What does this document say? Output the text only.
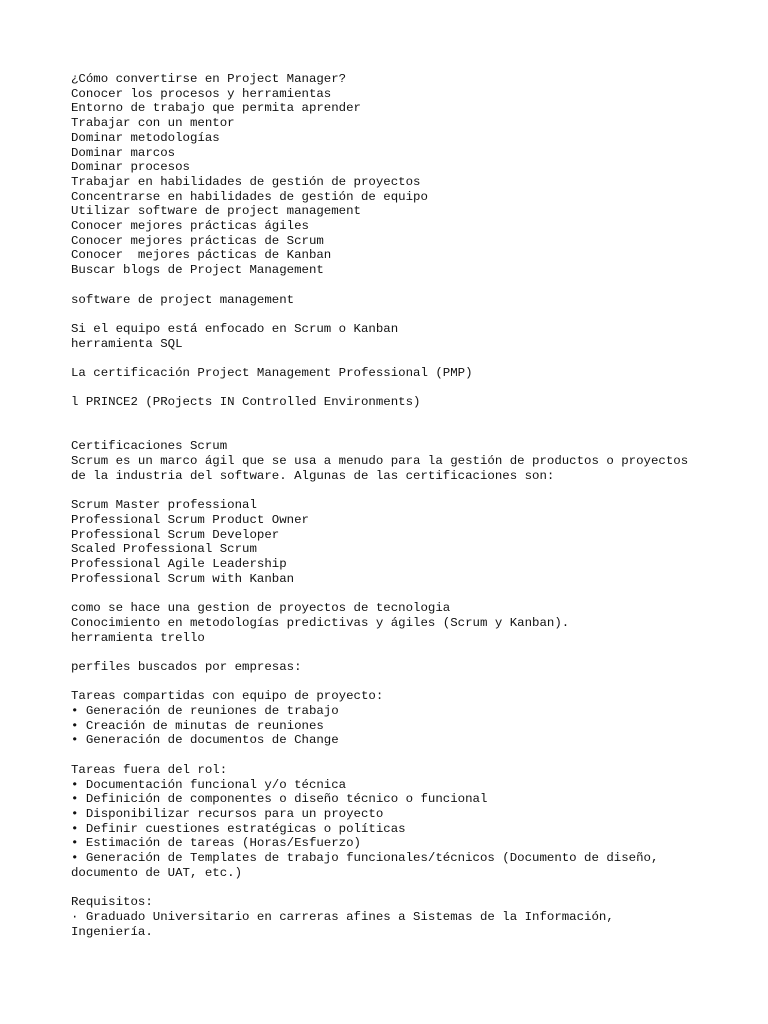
¿Cómo convertirse en Project Manager?
Conocer los procesos y herramientas
Entorno de trabajo que permita aprender
Trabajar con un mentor
Dominar metodologías
Dominar marcos
Dominar procesos
Trabajar en habilidades de gestión de proyectos
Concentrarse en habilidades de gestión de equipo
Utilizar software de project management
Conocer mejores prácticas ágiles
Conocer mejores prácticas de Scrum
Conocer  mejores pácticas de Kanban
Buscar blogs de Project Management
software de project management
Si el equipo está enfocado en Scrum o Kanban
herramienta SQL
La certificación Project Management Professional (PMP)
l PRINCE2 (PRojects IN Controlled Environments)
Certificaciones Scrum
Scrum es un marco ágil que se usa a menudo para la gestión de productos o proyectos
de la industria del software. Algunas de las certificaciones son:
Scrum Master professional
Professional Scrum Product Owner
Professional Scrum Developer
Scaled Professional Scrum
Professional Agile Leadership
Professional Scrum with Kanban
como se hace una gestion de proyectos de tecnologia
Conocimiento en metodologías predictivas y ágiles (Scrum y Kanban).
herramienta trello
perfiles buscados por empresas:
Tareas compartidas con equipo de proyecto:
• Generación de reuniones de trabajo
• Creación de minutas de reuniones
• Generación de documentos de Change
Tareas fuera del rol:
• Documentación funcional y/o técnica
• Definición de componentes o diseño técnico o funcional
• Disponibilizar recursos para un proyecto
• Definir cuestiones estratégicas o políticas
• Estimación de tareas (Horas/Esfuerzo)
• Generación de Templates de trabajo funcionales/técnicos (Documento de diseño,
documento de UAT, etc.)
Requisitos:
· Graduado Universitario en carreras afines a Sistemas de la Información,
Ingeniería.
